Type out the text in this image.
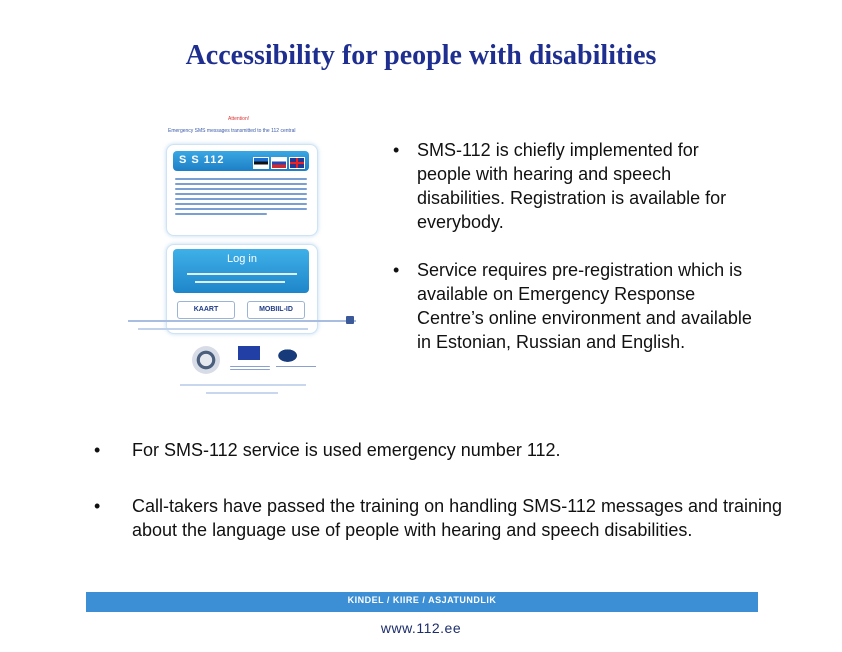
Accessibility for people with disabilities
Attention!
Emergency SMS messages transmitted to the 112 central
S S 112
Log in
KAART	MOBIIL-ID
• SMS-112 is chiefly implemented for people with hearing and speech disabilities. Registration is available for everybody.
• Service requires pre-registration which is available on Emergency Response Centre’s online environment and available in Estonian, Russian and English.
• For SMS-112 service is used emergency number 112.
• Call-takers have passed the training on handling SMS-112 messages and training about the language use of people with hearing and speech disabilities.
KINDEL / KIIRE / ASJATUNDLIK
www.112.ee
